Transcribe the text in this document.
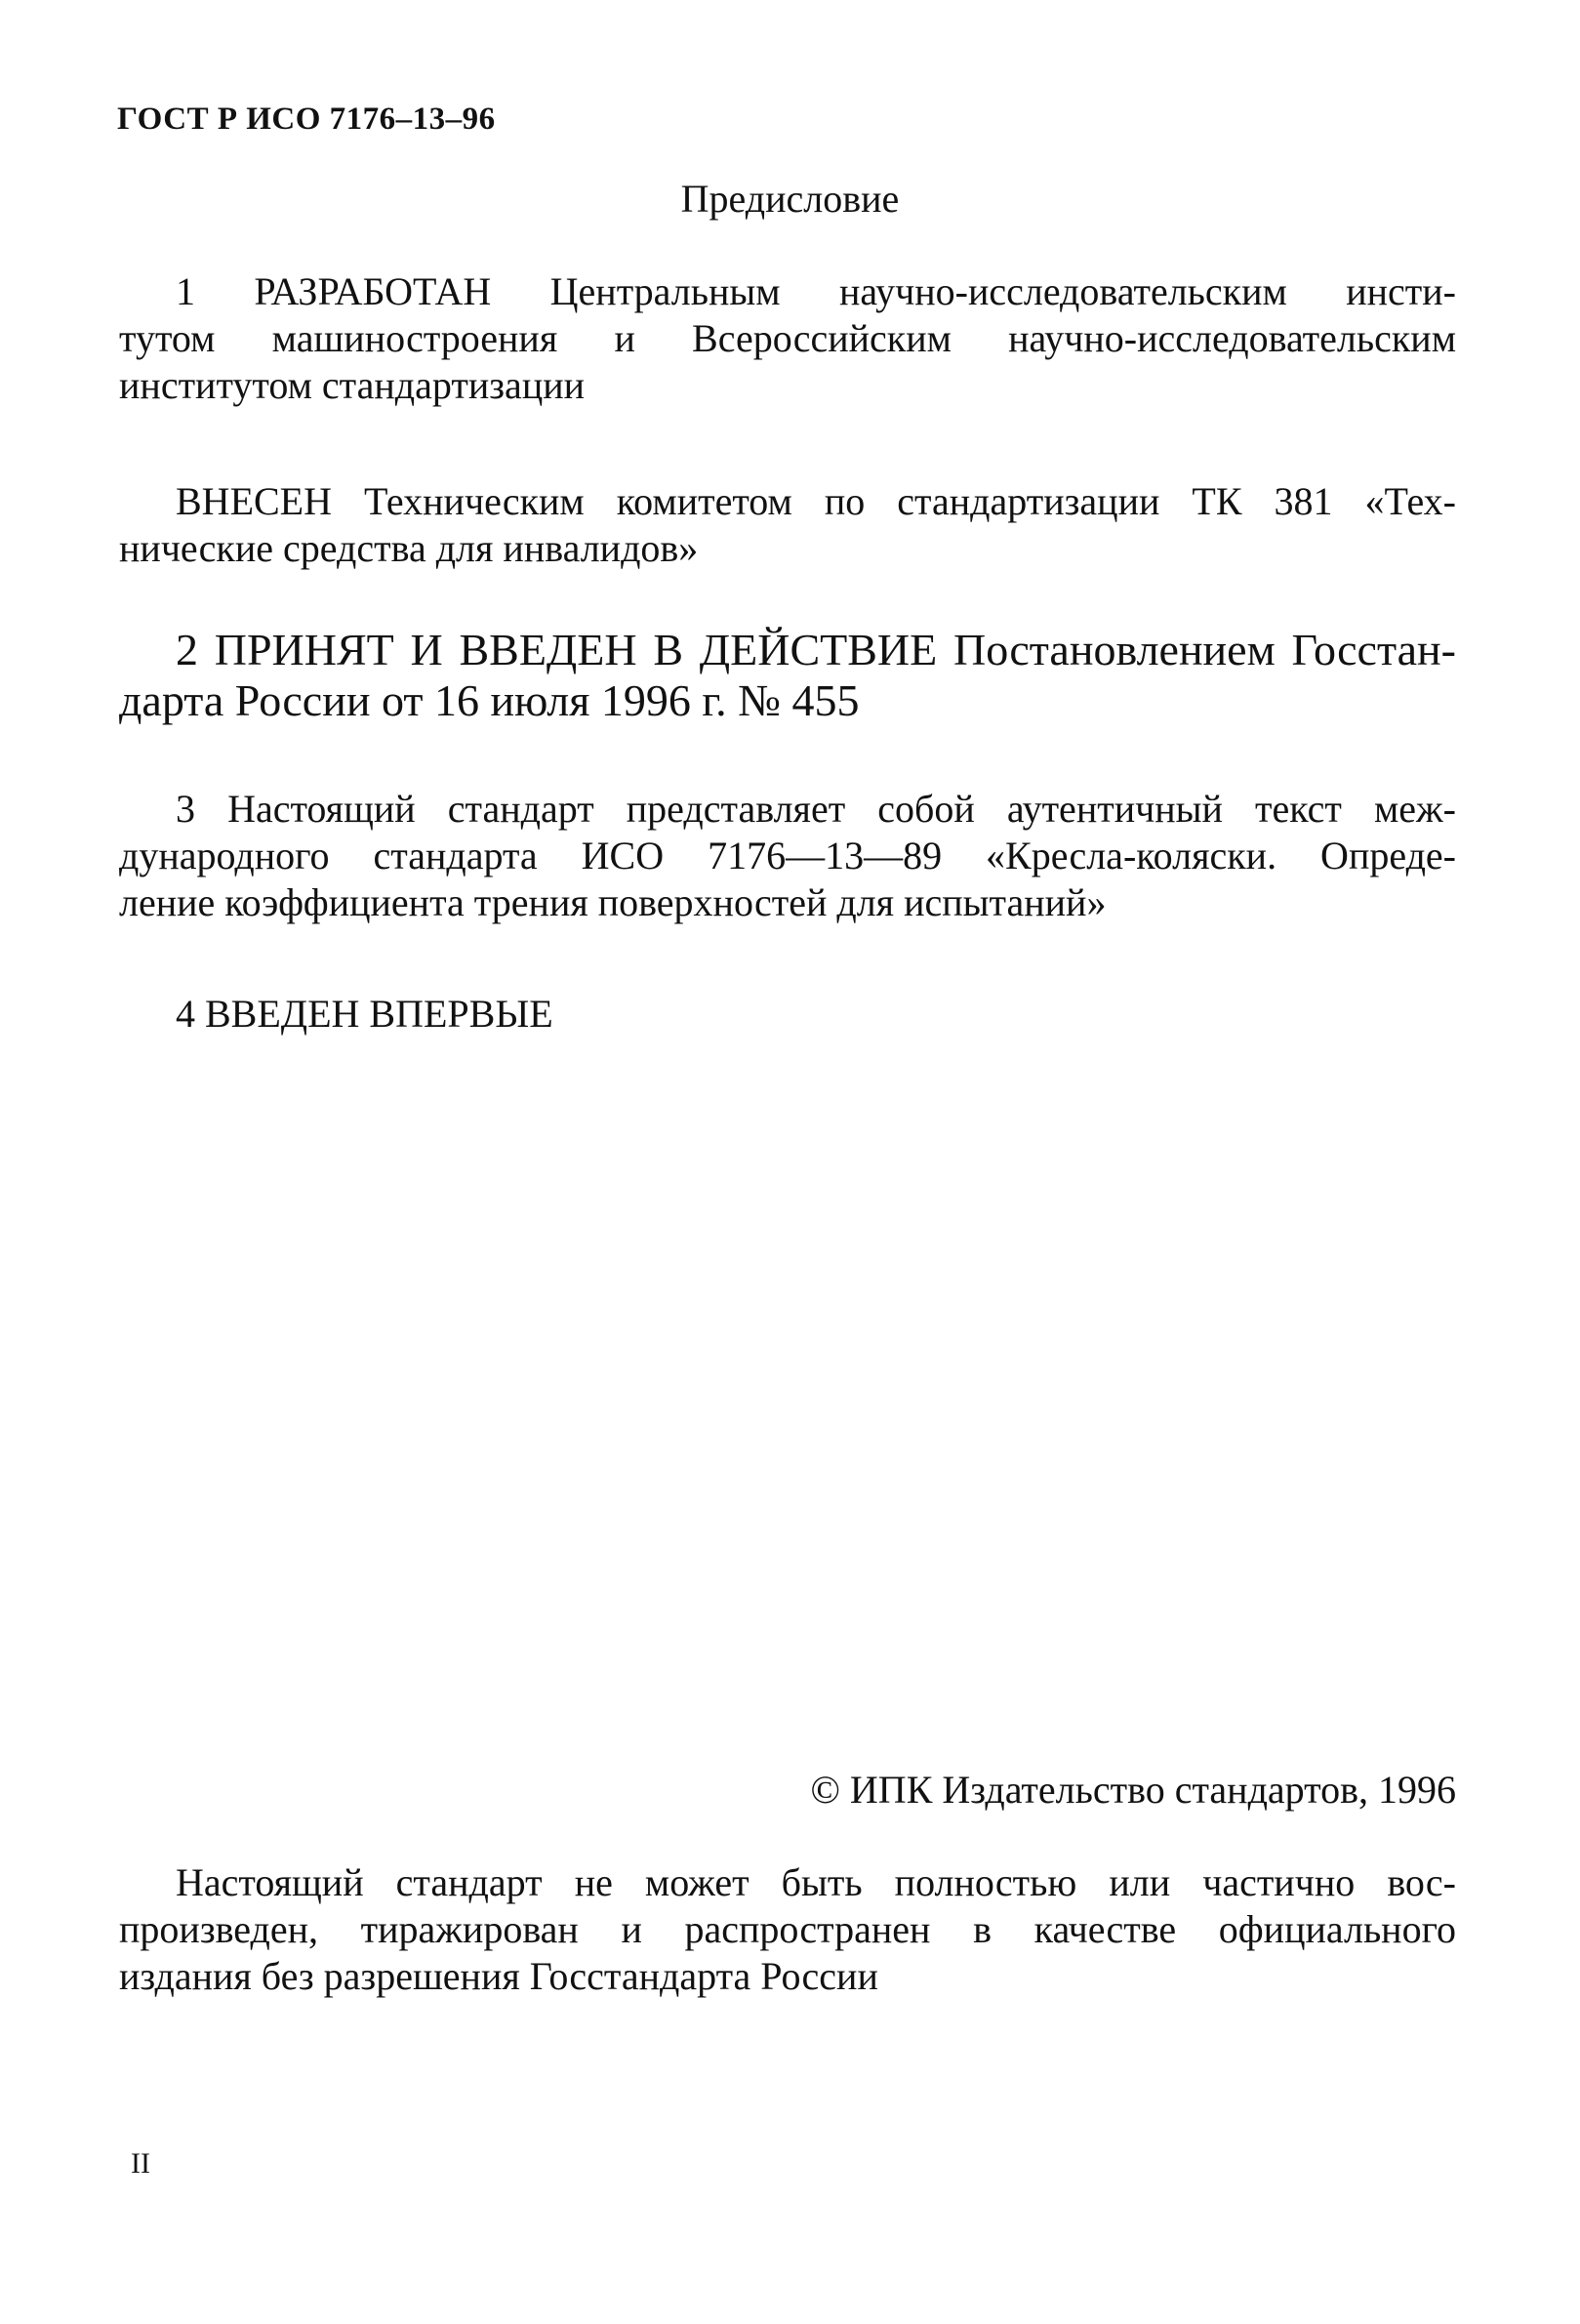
ГОСТ Р ИСО 7176–13–96
Предисловие
1 РАЗРАБОТАН Центральным научно-исследовательским инсти-
тутом машиностроения и Всероссийским научно-исследовательским
институтом стандартизации
ВНЕСЕН Техническим комитетом по стандартизации ТК 381 «Тех-
нические средства для инвалидов»
2 ПРИНЯТ И ВВЕДЕН В ДЕЙСТВИЕ Постановлением Госстан-
дарта России от 16 июля 1996 г. № 455
3 Настоящий стандарт представляет собой аутентичный текст меж-
дународного стандарта ИСО 7176—13—89 «Кресла-коляски. Опреде-
ление коэффициента трения поверхностей для испытаний»
4 ВВЕДЕН ВПЕРВЫЕ
© ИПК Издательство стандартов, 1996
Настоящий стандарт не может быть полностью или частично вос-
произведен, тиражирован и распространен в качестве официального
издания без разрешения Госстандарта России
II
